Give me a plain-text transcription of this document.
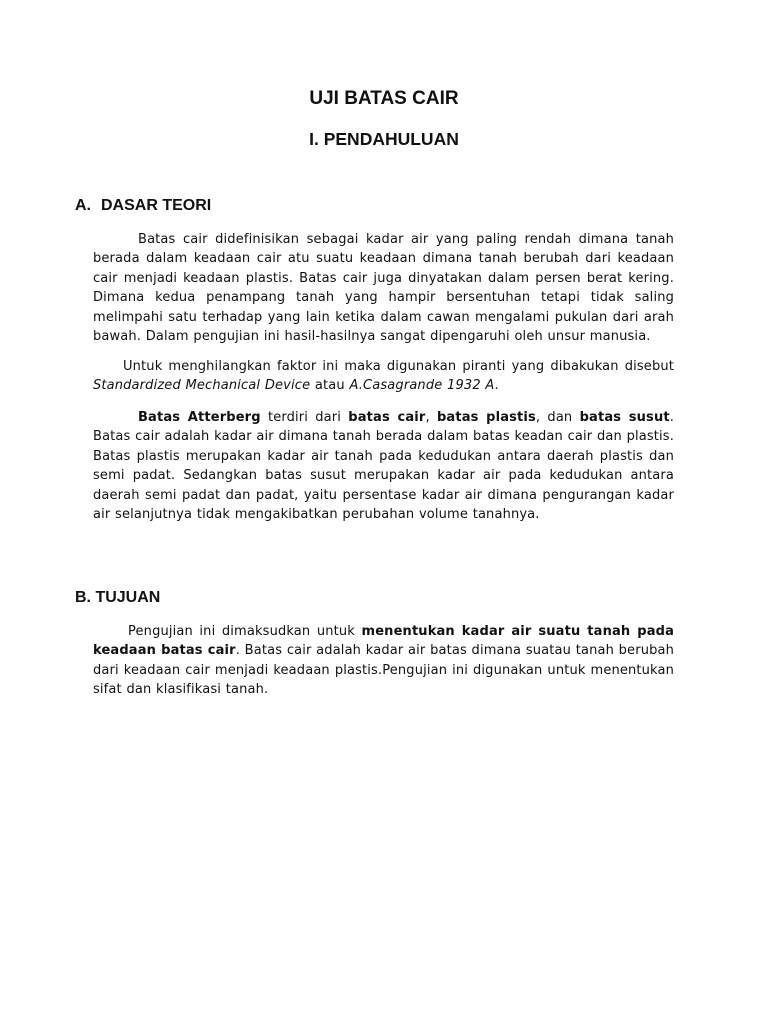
UJI BATAS CAIR
I. PENDAHULUAN
A. DASAR TEORI

Batas cair didefinisikan sebagai kadar air yang paling rendah dimana tanah berada dalam keadaan cair atu suatu keadaan dimana tanah berubah dari keadaan cair menjadi keadaan plastis. Batas cair juga dinyatakan dalam persen berat kering. Dimana kedua penampang tanah yang hampir bersentuhan tetapi tidak saling melimpahi satu terhadap yang lain ketika dalam cawan mengalami pukulan dari arah bawah. Dalam pengujian ini hasil-hasilnya sangat dipengaruhi oleh unsur manusia.

Untuk menghilangkan faktor ini maka digunakan piranti yang dibakukan disebut Standardized Mechanical Device atau A.Casagrande 1932 A.

Batas Atterberg terdiri dari batas cair, batas plastis, dan batas susut. Batas cair adalah kadar air dimana tanah berada dalam batas keadan cair dan plastis. Batas plastis merupakan kadar air tanah pada kedudukan antara daerah plastis dan semi padat. Sedangkan batas susut merupakan kadar air pada kedudukan antara daerah semi padat dan padat, yaitu persentase kadar air dimana pengurangan kadar air selanjutnya tidak mengakibatkan perubahan volume tanahnya.

B. TUJUAN

Pengujian ini dimaksudkan untuk menentukan kadar air suatu tanah pada keadaan batas cair. Batas cair adalah kadar air batas dimana suatau tanah berubah dari keadaan cair menjadi keadaan plastis.Pengujian ini digunakan untuk menentukan sifat dan klasifikasi tanah.
